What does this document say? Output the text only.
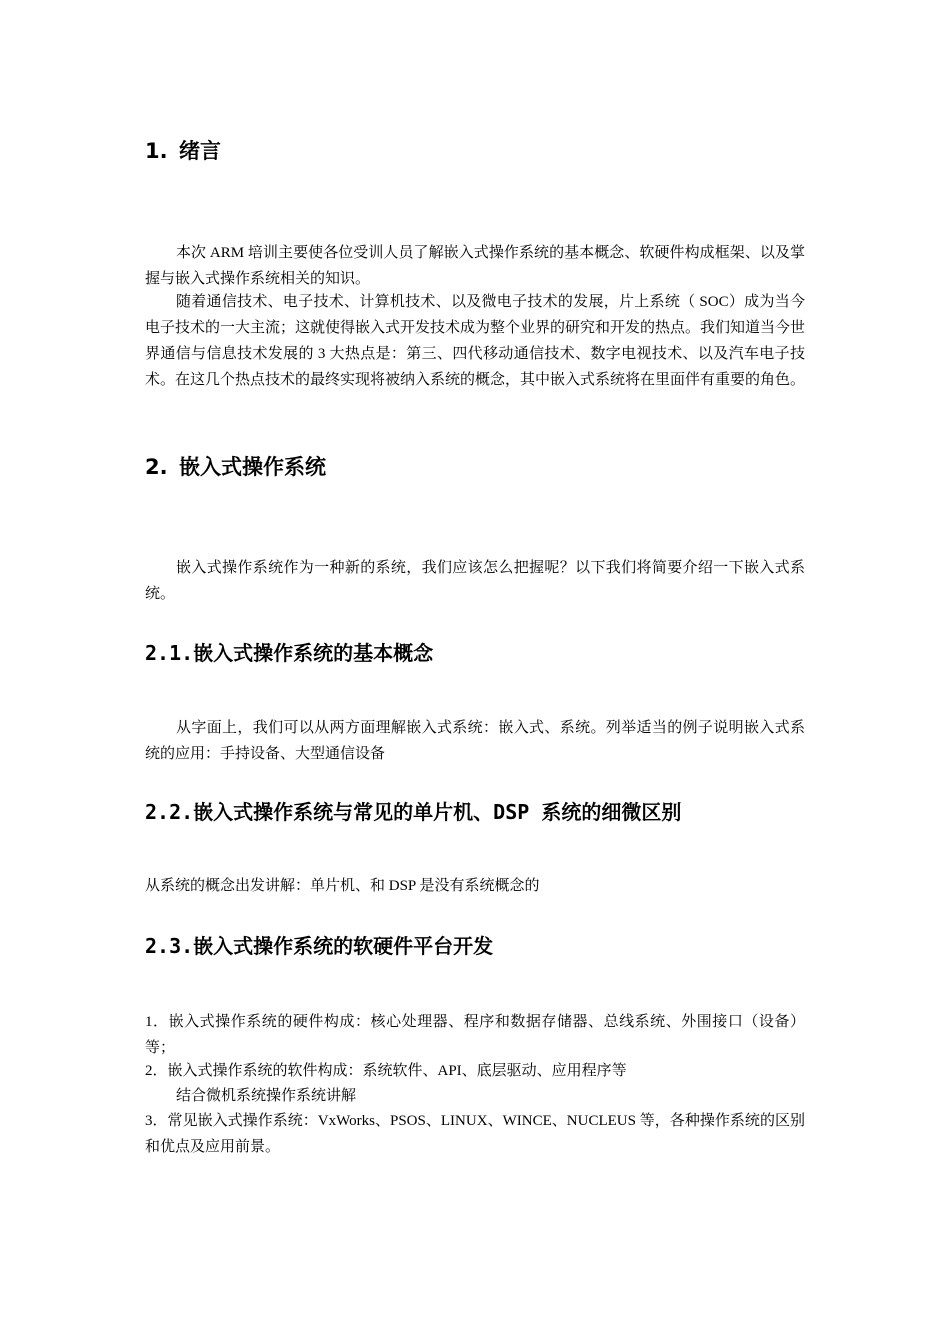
1. 绪言

本次 ARM 培训主要使各位受训人员了解嵌入式操作系统的基本概念、软硬件构成框架、以及掌握与嵌入式操作系统相关的知识。

随着通信技术、电子技术、计算机技术、以及微电子技术的发展，片上系统（ SOC）成为当今电子技术的一大主流；这就使得嵌入式开发技术成为整个业界的研究和开发的热点。我们知道当今世界通信与信息技术发展的 3 大热点是：第三、四代移动通信技术、数字电视技术、以及汽车电子技术。在这几个热点技术的最终实现将被纳入系统的概念，其中嵌入式系统将在里面伴有重要的角色。

2. 嵌入式操作系统

嵌入式操作系统作为一种新的系统，我们应该怎么把握呢？以下我们将简要介绍一下嵌入式系统。

2.1.嵌入式操作系统的基本概念

从字面上，我们可以从两方面理解嵌入式系统：嵌入式、系统。列举适当的例子说明嵌入式系统的应用：手持设备、大型通信设备

2.2.嵌入式操作系统与常见的单片机、DSP 系统的细微区别

从系统的概念出发讲解：单片机、和 DSP 是没有系统概念的

2.3.嵌入式操作系统的软硬件平台开发

1．嵌入式操作系统的硬件构成：核心处理器、程序和数据存储器、总线系统、外围接口（设备）等；

2．嵌入式操作系统的软件构成：系统软件、API、底层驱动、应用程序等
结合微机系统操作系统讲解

3．常见嵌入式操作系统：VxWorks、PSOS、LINUX、WINCE、NUCLEUS 等，各种操作系统的区别和优点及应用前景。
